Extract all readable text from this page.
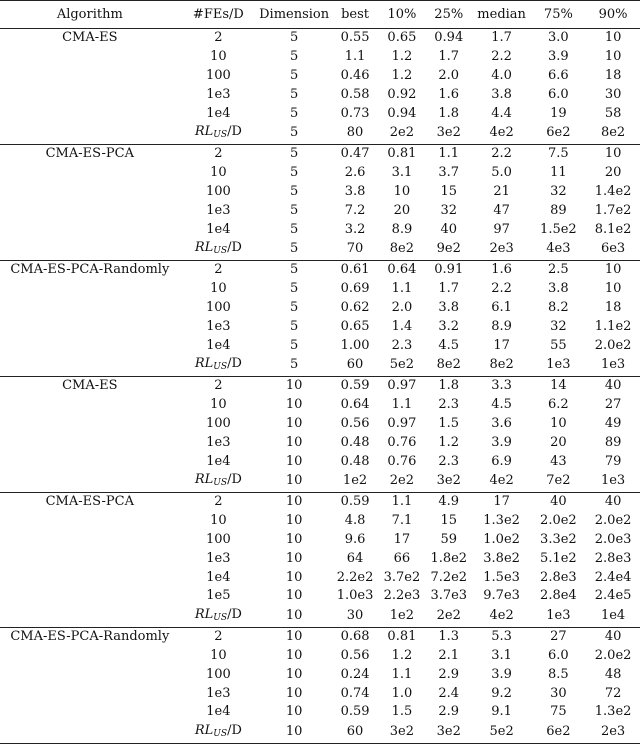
Algorithm	#FEs/D	Dimension	best	10%	25%	median	75%	90%
CMA-ES	2	5	0.55	0.65	0.94	1.7	3.0	10
	10	5	1.1	1.2	1.7	2.2	3.9	10
	100	5	0.46	1.2	2.0	4.0	6.6	18
	1e3	5	0.58	0.92	1.6	3.8	6.0	30
	1e4	5	0.73	0.94	1.8	4.4	19	58
	$RL_{US}/D$	5	80	2e2	3e2	4e2	6e2	8e2
CMA-ES-PCA	2	5	0.47	0.81	1.1	2.2	7.5	10
	10	5	2.6	3.1	3.7	5.0	11	20
	100	5	3.8	10	15	21	32	1.4e2
	1e3	5	7.2	20	32	47	89	1.7e2
	1e4	5	3.2	8.9	40	97	1.5e2	8.1e2
	$RL_{US}/D$	5	70	8e2	9e2	2e3	4e3	6e3
CMA-ES-PCA-Randomly	2	5	0.61	0.64	0.91	1.6	2.5	10
	10	5	0.69	1.1	1.7	2.2	3.8	10
	100	5	0.62	2.0	3.8	6.1	8.2	18
	1e3	5	0.65	1.4	3.2	8.9	32	1.1e2
	1e4	5	1.00	2.3	4.5	17	55	2.0e2
	$RL_{US}/D$	5	60	5e2	8e2	8e2	1e3	1e3
CMA-ES	2	10	0.59	0.97	1.8	3.3	14	40
	10	10	0.64	1.1	2.3	4.5	6.2	27
	100	10	0.56	0.97	1.5	3.6	10	49
	1e3	10	0.48	0.76	1.2	3.9	20	89
	1e4	10	0.48	0.76	2.3	6.9	43	79
	$RL_{US}/D$	10	1e2	2e2	3e2	4e2	7e2	1e3
CMA-ES-PCA	2	10	0.59	1.1	4.9	17	40	40
	10	10	4.8	7.1	15	1.3e2	2.0e2	2.0e2
	100	10	9.6	17	59	1.0e2	3.3e2	2.0e3
	1e3	10	64	66	1.8e2	3.8e2	5.1e2	2.8e3
	1e4	10	2.2e2	3.7e2	7.2e2	1.5e3	2.8e3	2.4e4
	1e5	10	1.0e3	2.2e3	3.7e3	9.7e3	2.8e4	2.4e5
	$RL_{US}/D$	10	30	1e2	2e2	4e2	1e3	1e4
CMA-ES-PCA-Randomly	2	10	0.68	0.81	1.3	5.3	27	40
	10	10	0.56	1.2	2.1	3.1	6.0	2.0e2
	100	10	0.24	1.1	2.9	3.9	8.5	48
	1e3	10	0.74	1.0	2.4	9.2	30	72
	1e4	10	0.59	1.5	2.9	9.1	75	1.3e2
	$RL_{US}/D$	10	60	3e2	3e2	5e2	6e2	2e3
